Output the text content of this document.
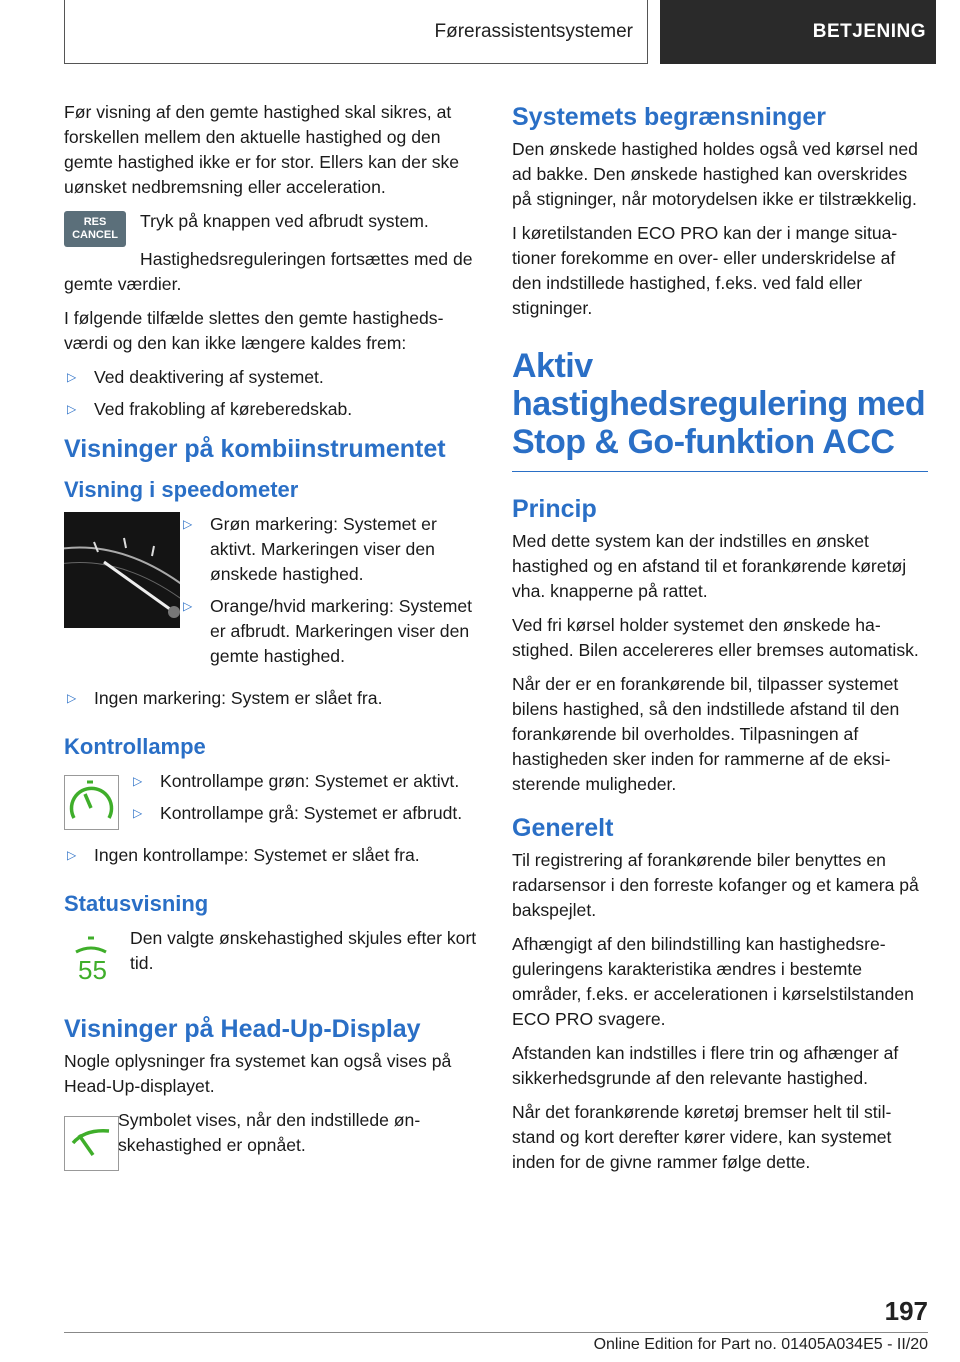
Førerassistentsystemer	BETJENING

Før visning af den gemte hastighed skal sikres, at forskellen mellem den aktuelle hastighed og den gemte hastighed ikke er for stor. Ellers kan der ske uønsket nedbremsning eller acceleration.

RES
CANCEL

Tryk på knappen ved afbrudt system.

Hastighedsreguleringen fortsættes med de gemte værdier.

I følgende tilfælde slettes den gemte hastighedsværdi og den kan ikke længere kaldes frem:

▷ Ved deaktivering af systemet.
▷ Ved frakobling af køreberedskab.
Visninger på kombiinstrumentet
Visning i speedometer
▷ Grøn markering: Systemet er aktivt. Markeringen viser den ønskede hastighed.
▷ Orange/hvid markering: Systemet er afbrudt. Markeringen viser den gemte hastighed.
▷ Ingen markering: System er slået fra.
Kontrollampe
▷ Kontrollampe grøn: Systemet er aktivt.
▷ Kontrollampe grå: Systemet er afbrudt.
▷ Ingen kontrollampe: Systemet er slået fra.
Statusvisning
55

Den valgte ønskehastighed skjules efter kort tid.

Visninger på Head-Up-Display

Nogle oplysninger fra systemet kan også vises på Head-Up-displayet.

Symbolet vises, når den indstillede ønskehastighed er opnået.

Systemets begrænsninger

Den ønskede hastighed holdes også ved kørsel ned ad bakke. Den ønskede hastighed kan overskrides på stigninger, når motorydelsen ikke er tilstrækkelig.

I køretilstanden ECO PRO kan der i mange situationer forekomme en over- eller underskridelse af den indstillede hastighed, f.eks. ved fald eller stigninger.

Aktiv hastighedsregulering med Stop & Go-funktion ACC
Princip

Med dette system kan der indstilles en ønsket hastighed og en afstand til et forankørende køretøj vha. knapperne på rattet.

Ved fri kørsel holder systemet den ønskede hastighed. Bilen accelereres eller bremses automatisk.

Når der er en forankørende bil, tilpasser systemet bilens hastighed, så den indstillede afstand til den forankørende bil overholdes. Tilpasningen af hastigheden sker inden for rammerne af de eksisterende muligheder.

Generelt

Til registrering af forankørende biler benyttes en radarsensor i den forreste kofanger og et kamera på bakspejlet.

Afhængigt af den bilindstilling kan hastighedsreguleringens karakteristika ændres i bestemte områder, f.eks. er accelerationen i kørselstilstanden ECO PRO svagere.

Afstanden kan indstilles i flere trin og afhænger af sikkerhedsgrunde af den relevante hastighed.

Når det forankørende køretøj bremser helt til stilstand og kort derefter kører videre, kan systemet inden for de givne rammer følge dette.

197
Online Edition for Part no. 01405A034E5 - II/20
